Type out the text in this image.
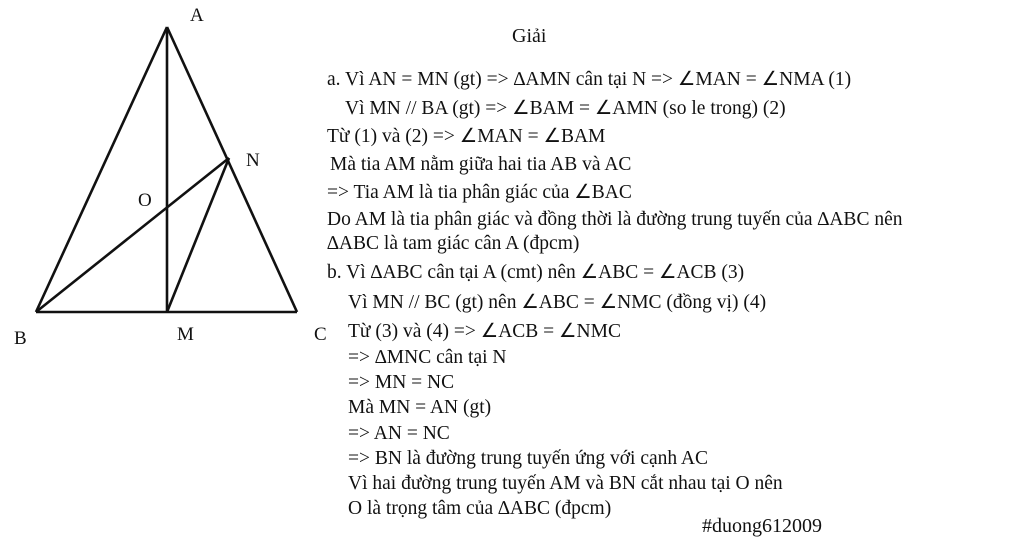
A
N
O
B	M	C
Giải
a. Vì AN = MN (gt) => ∆AMN cân tại N => ∠MAN = ∠NMA (1)
Vì MN // BA (gt) => ∠BAM = ∠AMN (so le trong) (2)
Từ (1) và (2) => ∠MAN = ∠BAM
Mà tia AM nằm giữa hai tia AB và AC
=> Tia AM là tia phân giác của ∠BAC
Do AM là tia phân giác và đồng thời là đường trung tuyến của ∆ABC nên
∆ABC là tam giác cân A (đpcm)
b. Vì ∆ABC cân tại A (cmt) nên ∠ABC = ∠ACB (3)
Vì MN // BC (gt) nên ∠ABC = ∠NMC (đồng vị) (4)
Từ (3) và (4) => ∠ACB = ∠NMC
=> ∆MNC cân tại N
=> MN = NC
Mà MN = AN (gt)
=> AN = NC
=> BN là đường trung tuyến ứng với cạnh AC
Vì hai đường trung tuyến AM và BN cắt nhau tại O nên
O là trọng tâm của ∆ABC (đpcm)
#duong612009
